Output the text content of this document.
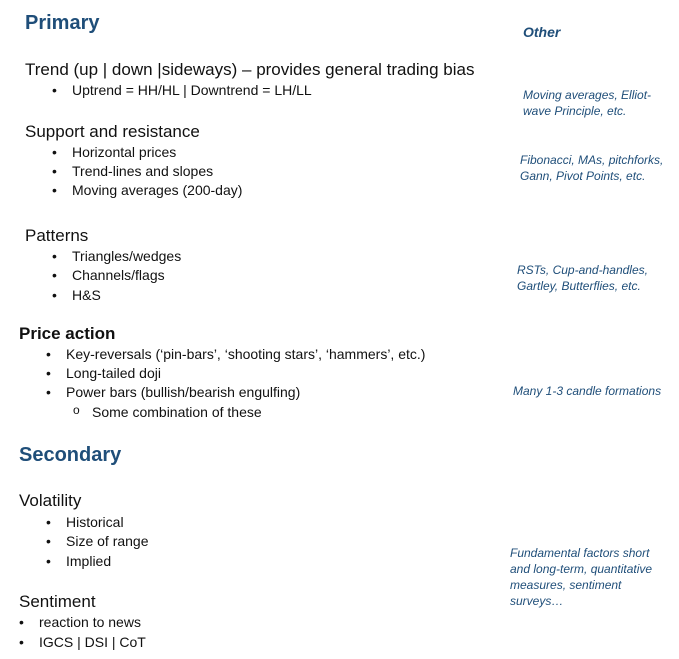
Primary
Trend (up | down |sideways) – provides general trading bias
• Uptrend = HH/HL | Downtrend = LH/LL
Support and resistance
• Horizontal prices
• Trend-lines and slopes
• Moving averages (200-day)
Patterns
• Triangles/wedges
• Channels/flags
• H&S
Price action
• Key-reversals (‘pin-bars’, ‘shooting stars’, ‘hammers’, etc.)
• Long-tailed doji
• Power bars (bullish/bearish engulfing)
o Some combination of these
Secondary
Volatility
• Historical
• Size of range
• Implied
Sentiment
• reaction to news
• IGCS | DSI | CoT
Other
Moving averages, Elliot-wave Principle, etc.
Fibonacci, MAs, pitchforks, Gann, Pivot Points, etc.
RSTs, Cup-and-handles, Gartley, Butterflies, etc.
Many 1-3 candle formations
Fundamental factors short and long-term, quantitative measures, sentiment surveys…
